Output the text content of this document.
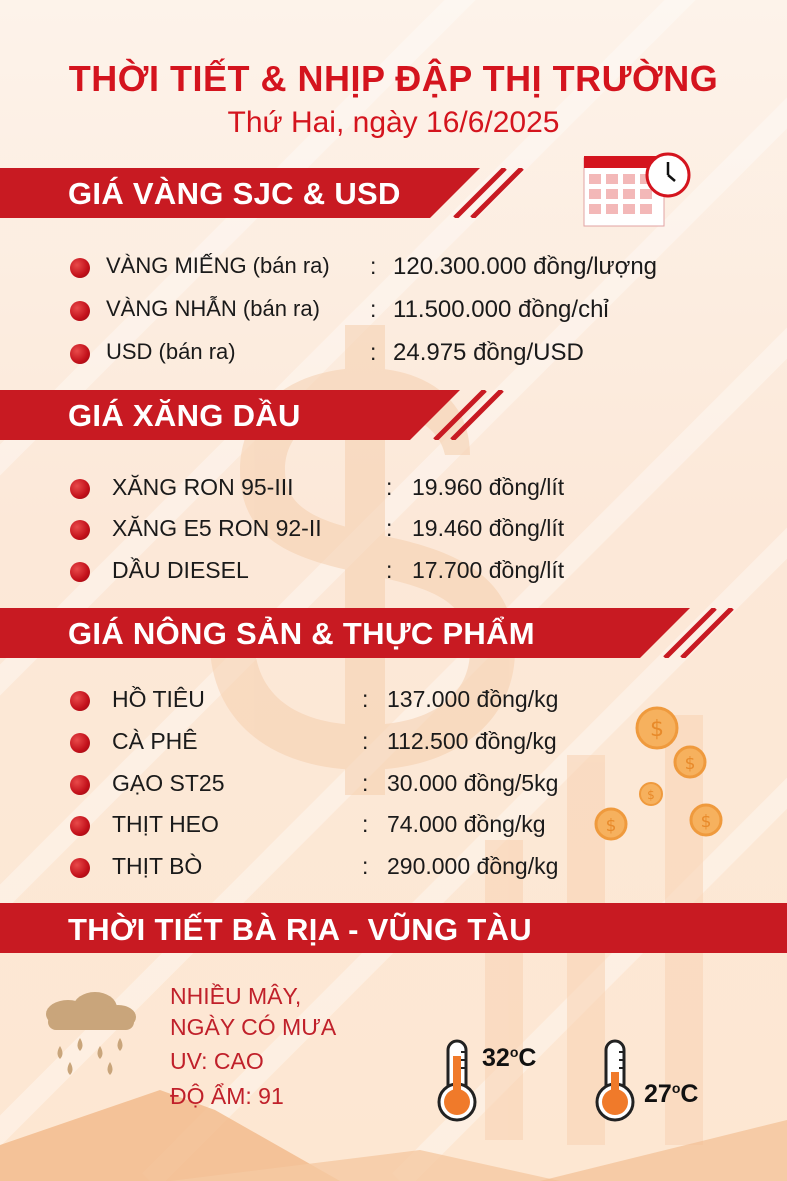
$
$
$
$	$
THỜI TIẾT & NHỊP ĐẬP THỊ TRƯỜNG
Thứ Hai, ngày 16/6/2025
GIÁ VÀNG SJC & USD
VÀNG MIẾNG (bán ra) : 120.300.000 đồng/lượng
VÀNG NHẪN (bán ra) : 11.500.000 đồng/chỉ
USD (bán ra)	: 24.975 đồng/USD
GIÁ XĂNG DẦU
XĂNG RON 95-III	: 19.960 đồng/lít
XĂNG E5 RON 92-II	: 19.460 đồng/lít
DẦU DIESEL	: 17.700 đồng/lít
GIÁ NÔNG SẢN & THỰC PHẨM
HỒ TIÊU	: 137.000 đồng/kg
CÀ PHÊ	: 112.500 đồng/kg
GẠO ST25	: 30.000 đồng/5kg
THỊT HEO	: 74.000 đồng/kg
THỊT BÒ	: 290.000 đồng/kg
THỜI TIẾT BÀ RỊA - VŨNG TÀU
NHIỀU MÂY,
NGÀY CÓ MƯA
UV: CAO
ĐỘ ẨM: 91
32$^o$C
27$^o$C
